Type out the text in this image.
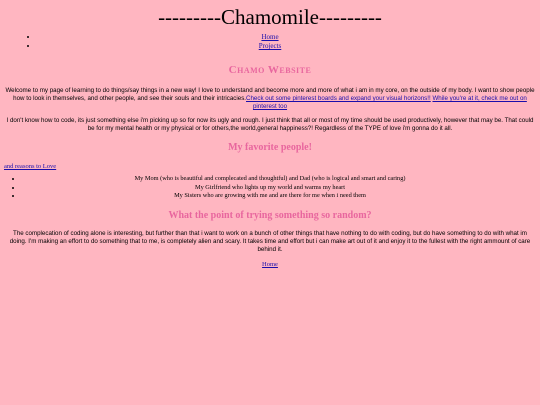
---------Chamomile---------
• Home
• Projects
Chamo Website

Welcome to my page of learning to do things/say things in a new way! I love to understand and become more and more of what i am in my core, on the outside of my body. I want to show people how to look in themselves, and other people, and see their souls and their intricacies.Check out some pinterest boards and expand your visual horizons!! While you're at it, check me out on pinterest too

I don't know how to code, its just something else i'm picking up so for now its ugly and rough. I just think that all or most of my time should be used productively, however that may be. That could be for my mental health or my physical or for others,the world,general happiness?! Regardless of the TYPE of love i'm gonna do it all.

My favorite people!
and reasons to Love
• My Mom (who is beautiful and complecated and thoughtful) and Dad (who is logical and smart and caring)
• My Girlfriend who lights up my world and warms my heart
• My Sisters who are growing with me and are there for me when i need them
What the point of trying something so random?

The complecation of coding alone is interesting, but further than that i want to work on a bunch of other things that have nothing to do with coding, but do have something to do with what im doing. I'm making an effort to do something that to me, is completely alien and scary. It takes time and effort but i can make art out of it and enjoy it to the fullest with the right ammount of care behind it.

• Home
